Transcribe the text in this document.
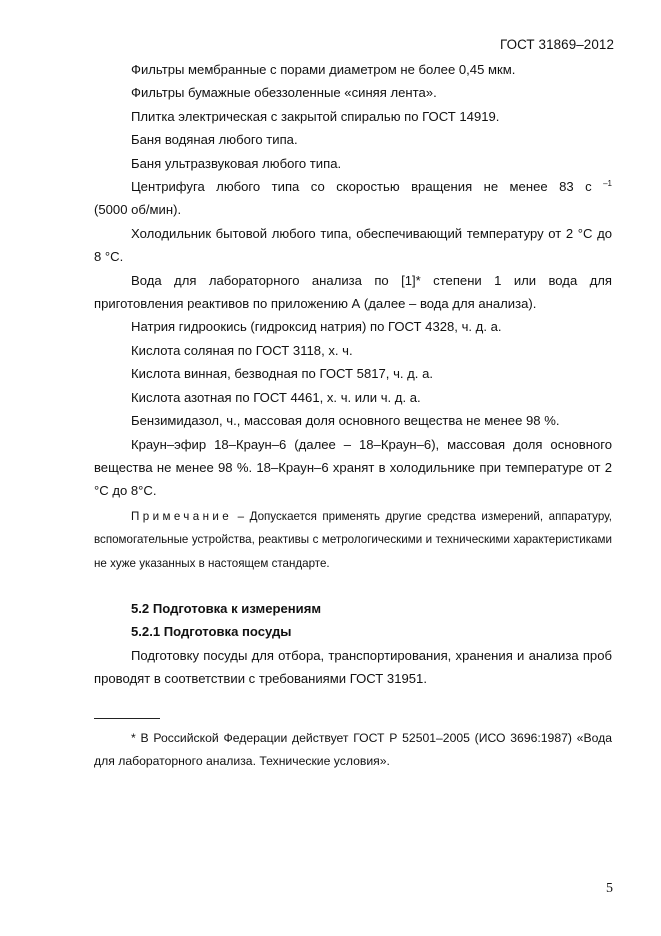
ГОСТ 31869–2012

Фильтры мембранные с порами диаметром не более 0,45 мкм.

Фильтры бумажные обеззоленные «синяя лента».

Плитка электрическая с закрытой спиралью по ГОСТ 14919.

Баня водяная любого типа.

Баня ультразвуковая любого типа.

Центрифуга любого типа со скоростью вращения не менее 83 с $^{-1}$

(5000 об/мин).

Холодильник бытовой любого типа, обеспечивающий температуру от 2 °С до 8 °С.

Вода для лабораторного анализа по [1]* степени 1 или вода для приготовления реактивов по приложению А (далее – вода для анализа).

Натрия гидроокись (гидроксид натрия) по ГОСТ 4328, ч. д. а.

Кислота соляная по ГОСТ 3118, х. ч.

Кислота винная, безводная по ГОСТ 5817, ч. д. а.

Кислота азотная по ГОСТ 4461, х. ч. или ч. д. а.

Бензимидазол, ч., массовая доля основного вещества не менее 98 %.

Краун–эфир 18–Краун–6 (далее – 18–Краун–6), массовая доля основного вещества не менее 98 %. 18–Краун–6 хранят в холодильнике при температуре от 2 °С до 8°С.

Примечание – Допускается применять другие средства измерений, аппаратуру, вспомогательные устройства, реактивы с метрологическими и техническими характеристиками не хуже указанных в настоящем стандарте.

5.2 Подготовка к измерениям

5.2.1 Подготовка посуды

Подготовку посуды для отбора, транспортирования, хранения и анализа проб проводят в соответствии с требованиями ГОСТ 31951.

* В Российской Федерации действует ГОСТ Р 52501–2005 (ИСО 3696:1987) «Вода для лабораторного анализа. Технические условия».
5
